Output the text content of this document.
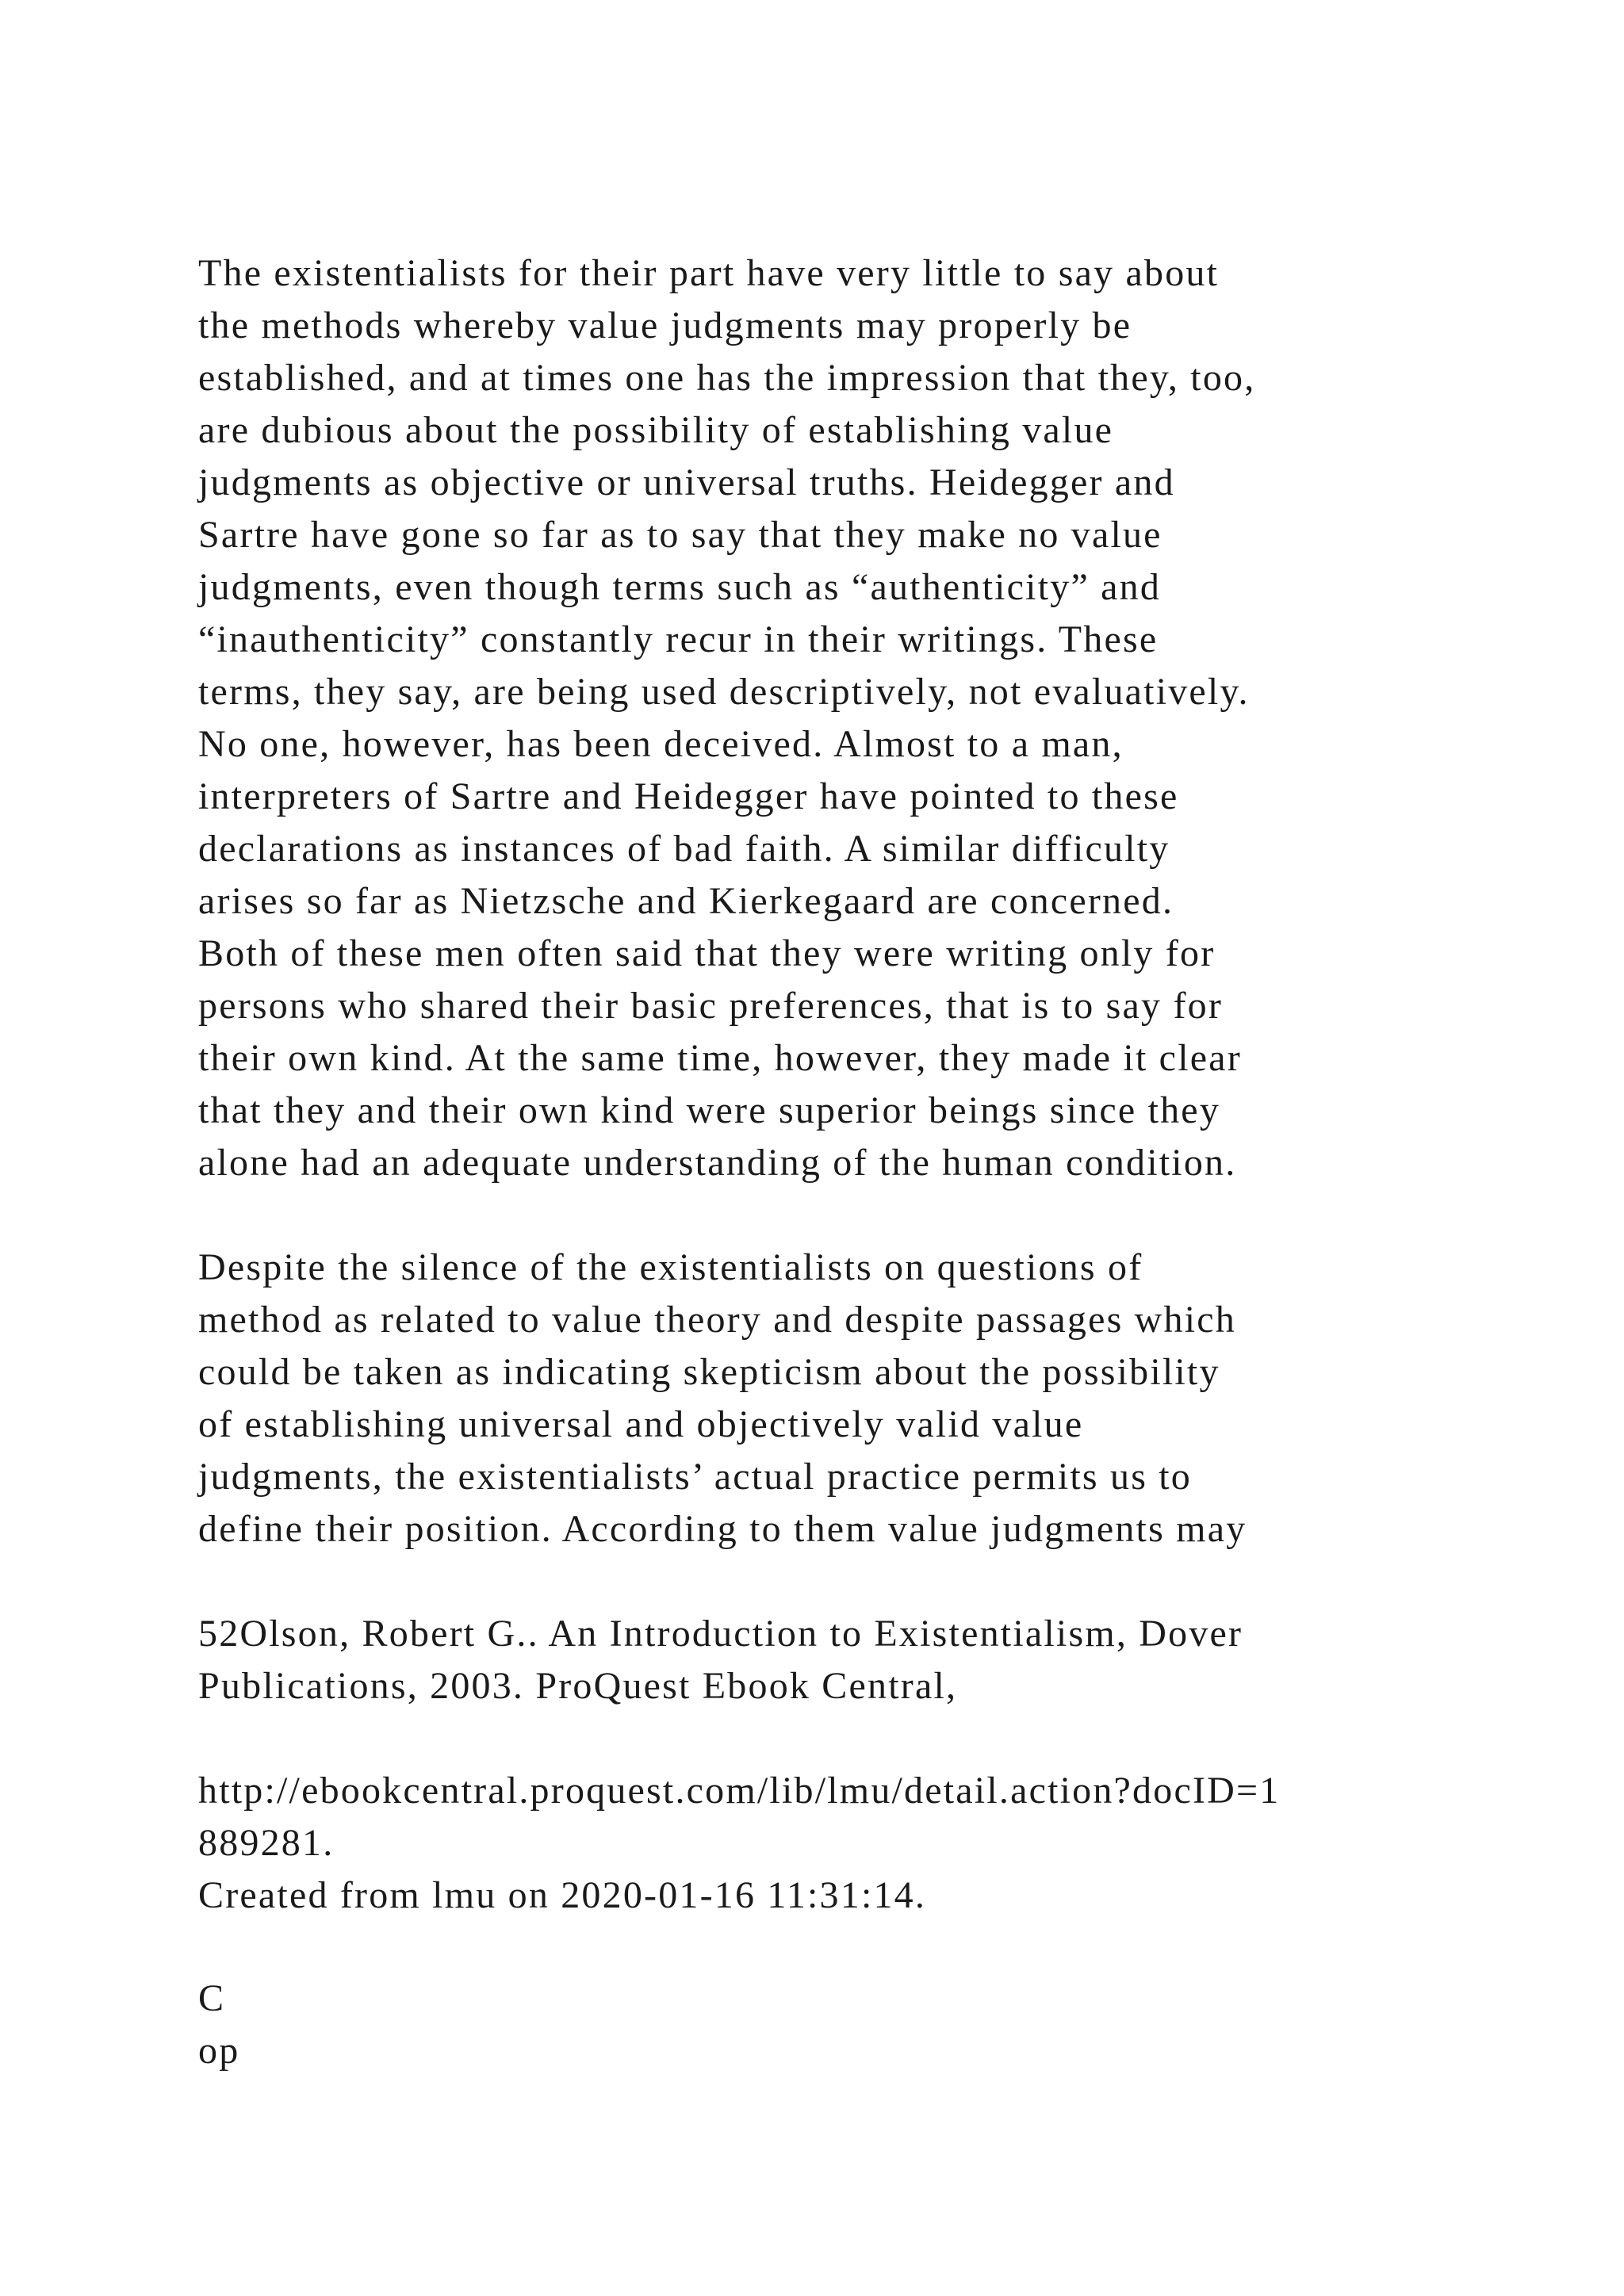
The existentialists for their part have very little to say about
the methods whereby value judgments may properly be
established, and at times one has the impression that they, too,
are dubious about the possibility of establishing value
judgments as objective or universal truths. Heidegger and
Sartre have gone so far as to say that they make no value
judgments, even though terms such as “authenticity” and
“inauthenticity” constantly recur in their writings. These
terms, they say, are being used descriptively, not evaluatively.
No one, however, has been deceived. Almost to a man,
interpreters of Sartre and Heidegger have pointed to these
declarations as instances of bad faith. A similar difficulty
arises so far as Nietzsche and Kierkegaard are concerned.
Both of these men often said that they were writing only for
persons who shared their basic preferences, that is to say for
their own kind. At the same time, however, they made it clear
that they and their own kind were superior beings since they
alone had an adequate understanding of the human condition.

Despite the silence of the existentialists on questions of
method as related to value theory and despite passages which
could be taken as indicating skepticism about the possibility
of establishing universal and objectively valid value
judgments, the existentialists’ actual practice permits us to
define their position. According to them value judgments may

52Olson, Robert G.. An Introduction to Existentialism, Dover
Publications, 2003. ProQuest Ebook Central,

http://ebookcentral.proquest.com/lib/lmu/detail.action?docID=1
889281.

Created from lmu on 2020-01-16 11:31:14.

C

op
